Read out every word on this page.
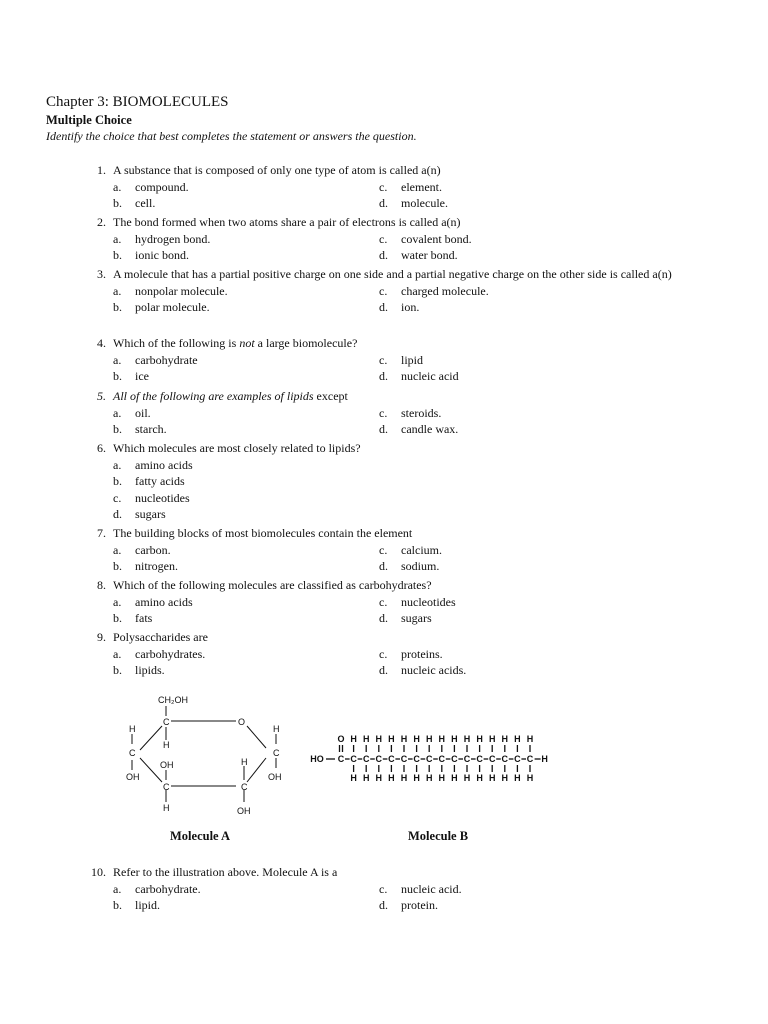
Chapter 3: BIOMOLECULES
Multiple Choice
Identify the choice that best completes the statement or answers the question.
1. A substance that is composed of only one type of atom is called a(n)
a. compound.	c. element.
b. cell.	d. molecule.
2. The bond formed when two atoms share a pair of electrons is called a(n)
a. hydrogen bond.	c. covalent bond.
b. ionic bond.	d. water bond.
3. A molecule that has a partial positive charge on one side and a partial negative charge on the other side is called a(n)
a. nonpolar molecule.	c. charged molecule.
b. polar molecule.	d. ion.
4. Which of the following is not a large biomolecule?
a. carbohydrate	c. lipid
b. ice	d. nucleic acid
5. All of the following are examples of lipids except
a. oil.	c. steroids.
b. starch.	d. candle wax.
6. Which molecules are most closely related to lipids?
a. amino acids
b. fatty acids
c. nucleotides
d. sugars
7. The building blocks of most biomolecules contain the element
a. carbon.	c. calcium.
b. nitrogen.	d. sodium.
8. Which of the following molecules are classified as carbohydrates?
a. amino acids	c. nucleotides
b. fats	d. sugars
9. Polysaccharides are
a. carbohydrates.	c. proteins.
b. lipids.	d. nucleic acids.
CH₂OH
C	O
H	H
H
C	C
OH	H
OH	OH
C	C
H	OH
HO C
O
C
H
H
C
H
H
C
H
H
C
H
H
C
H
H
C
H
H
C
H
H
C
H
H
C
H
H
C
H
H
C
H
H
C
H
H
C
H
H
C
H
H
C
H
H
H
Molecule A	Molecule B
10. Refer to the illustration above. Molecule A is a
a. carbohydrate.	c. nucleic acid.
b. lipid.	d. protein.
